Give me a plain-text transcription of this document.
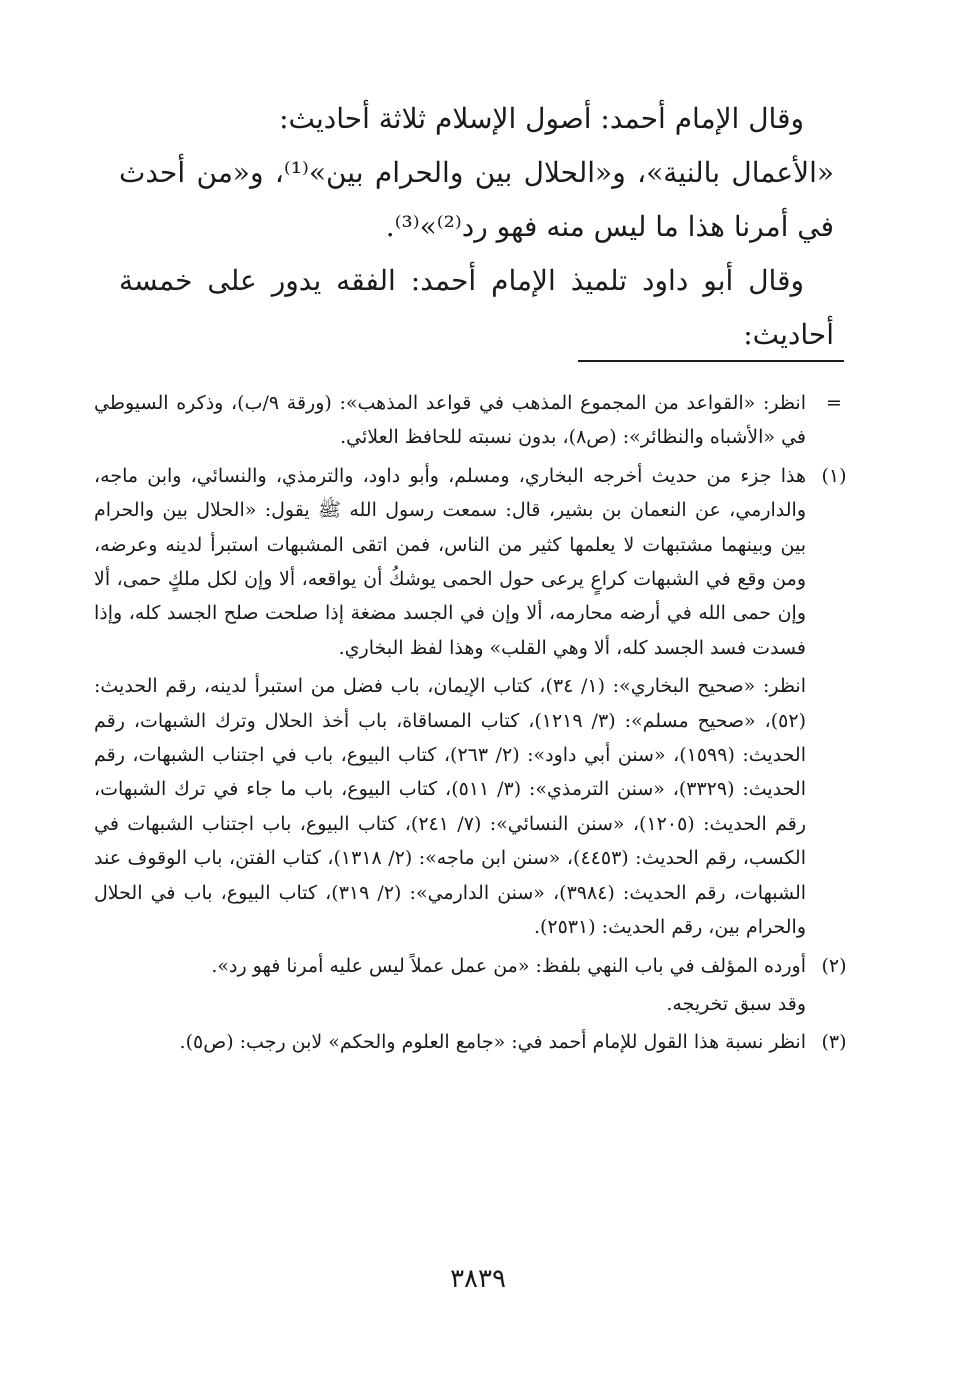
وقال الإمام أحمد: أصول الإسلام ثلاثة أحاديث:

«الأعمال بالنية»، و«الحلال بين والحرام بين»⁽¹⁾، و«من أحدث في أمرنا هذا ما ليس منه فهو رد⁽²⁾»⁽³⁾.

وقال أبو داود تلميذ الإمام أحمد: الفقه يدور على خمسة أحاديث:

=

انظر: «القواعد من المجموع المذهب في قواعد المذهب»: (ورقة ٩/ب)، وذكره السيوطي في «الأشباه والنظائر»: (ص٨)، بدون نسبته للحافظ العلائي.

(١)

هذا جزء من حديث أخرجه البخاري، ومسلم، وأبو داود، والترمذي، والنسائي، وابن ماجه، والدارمي، عن النعمان بن بشير، قال: سمعت رسول الله ﷺ يقول: «الحلال بين والحرام بين وبينهما مشتبهات لا يعلمها كثير من الناس، فمن اتقى المشبهات استبرأ لدينه وعرضه، ومن وقع في الشبهات كراعٍ يرعى حول الحمى يوشكُ أن يواقعه، ألا وإن لكل ملكٍ حمى، ألا وإن حمى الله في أرضه محارمه، ألا وإن في الجسد مضغة إذا صلحت صلح الجسد كله، وإذا فسدت فسد الجسد كله، ألا وهي القلب» وهذا لفظ البخاري.

انظر: «صحيح البخاري»: (١/ ٣٤)، كتاب الإيمان، باب فضل من استبرأ لدينه، رقم الحديث: (٥٢)، «صحيح مسلم»: (٣/ ١٢١٩)، كتاب المساقاة، باب أخذ الحلال وترك الشبهات، رقم الحديث: (١٥٩٩)، «سنن أبي داود»: (٢/ ٢٦٣)، كتاب البيوع، باب في اجتناب الشبهات، رقم الحديث: (٣٣٢٩)، «سنن الترمذي»: (٣/ ٥١١)، كتاب البيوع، باب ما جاء في ترك الشبهات، رقم الحديث: (١٢٠٥)، «سنن النسائي»: (٧/ ٢٤١)، كتاب البيوع، باب اجتناب الشبهات في الكسب، رقم الحديث: (٤٤٥٣)، «سنن ابن ماجه»: (٢/ ١٣١٨)، كتاب الفتن، باب الوقوف عند الشبهات، رقم الحديث: (٣٩٨٤)، «سنن الدارمي»: (٢/ ٣١٩)، كتاب البيوع، باب في الحلال والحرام بين، رقم الحديث: (٢٥٣١).

(٢)

أورده المؤلف في باب النهي بلفظ: «من عمل عملاً ليس عليه أمرنا فهو رد».

وقد سبق تخريجه.

(٣)

انظر نسبة هذا القول للإمام أحمد في: «جامع العلوم والحكم» لابن رجب: (ص٥).

٣٨٣٩
